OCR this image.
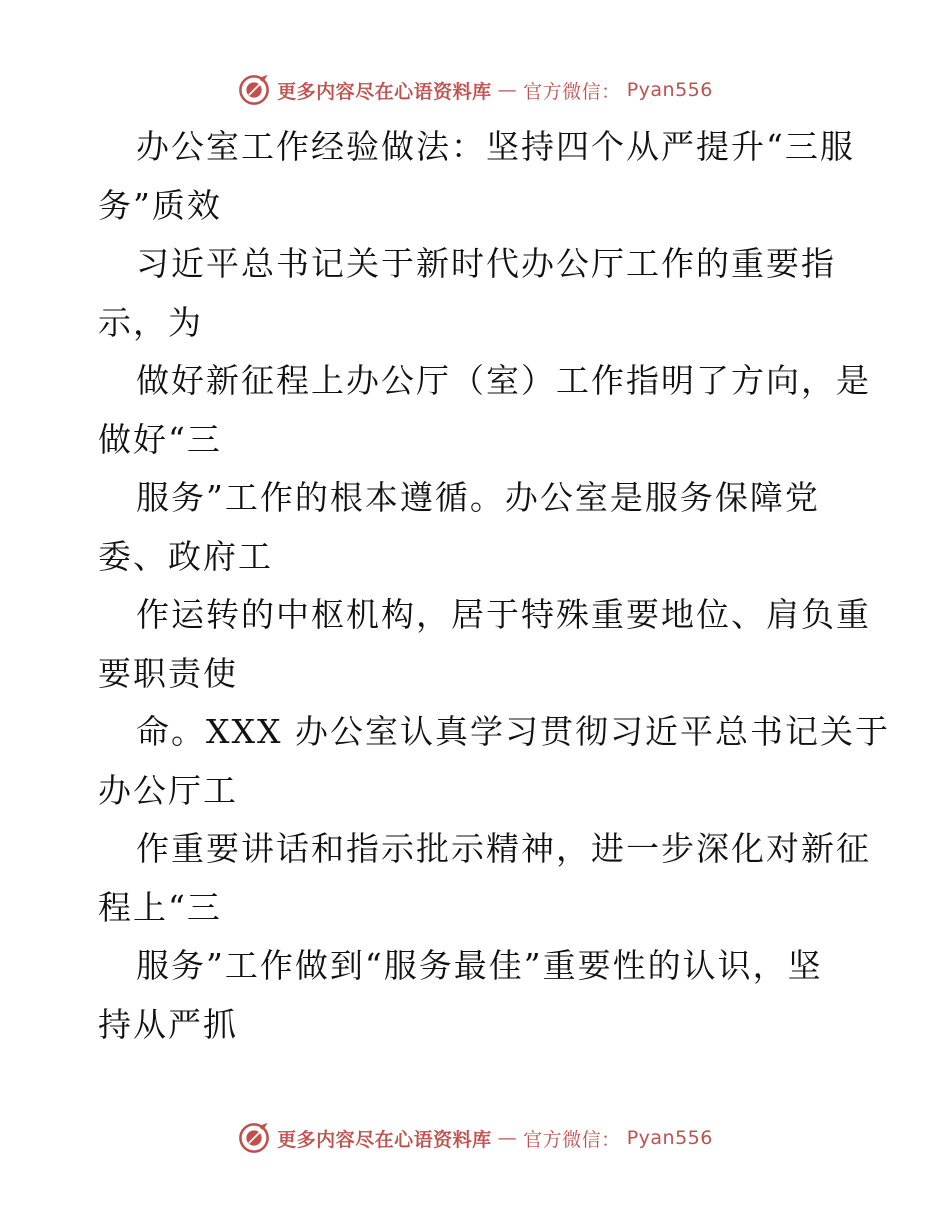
更多内容尽在心语资料库 — 官方微信： Pyan556
办公室工作经验做法：坚持四个从严提升“三服
务”质效
习近平总书记关于新时代办公厅工作的重要指
示，为
做好新征程上办公厅（室）工作指明了方向，是
做好“三
服务”工作的根本遵循。办公室是服务保障党
委、政府工
作运转的中枢机构，居于特殊重要地位、肩负重
要职责使
命。XXX 办公室认真学习贯彻习近平总书记关于
办公厅工
作重要讲话和指示批示精神，进一步深化对新征
程上“三
服务”工作做到“服务最佳”重要性的认识，坚
持从严抓
更多内容尽在心语资料库 — 官方微信： Pyan556
